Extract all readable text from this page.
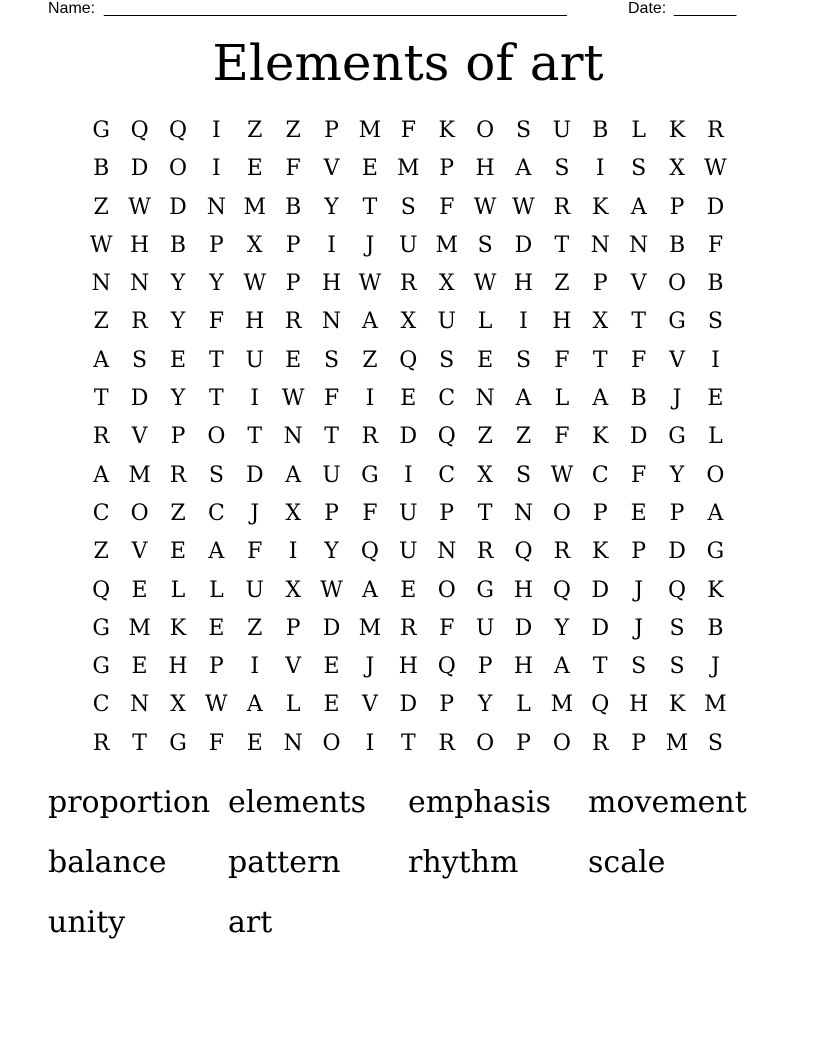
Name: ____________________________________________________	Date: _______
Elements of art
G Q Q	I	Z	Z	P M F	K O S U B	L	K R
B D O	I	E	F	V	E M P H A	S	I	S	X W
Z W D N M B	Y	T	S	F W W R K	A	P	D
W H B	P	X	P	I	J	U M S	D	T N N B	F
N N Y	Y W P H W R	X W H Z	P	V O B
Z	R	Y	F H R N A	X U L	I	H X	T	G	S
A	S	E	T U E	S	Z Q S	E	S	F	T	F	V	I
T	D	Y	T	I	W F	I	E C N A	L	A	B	J	E
R	V	P O	T N T	R D Q Z	Z	F	K D G	L
A M R	S	D A U G	I	C	X	S W C	F	Y	O
C O Z	C	J	X	P	F U P	T N O P	E	P	A
Z	V	E	A	F	I	Y	Q U N R Q R K	P	D G
Q E	L	L U X W A	E O G H Q D	J	Q K
G M K	E	Z	P	D M R	F U D	Y	D	J	S	B
G E H P	I	V	E	J	H Q P H A	T	S	S	J
C N X W A	L	E	V D	P	Y	L M Q H K M
R	T	G F	E N O	I	T	R O P O R	P M S
proportion elements	emphasis	movement
balance	pattern	rhythm	scale
unity	art
